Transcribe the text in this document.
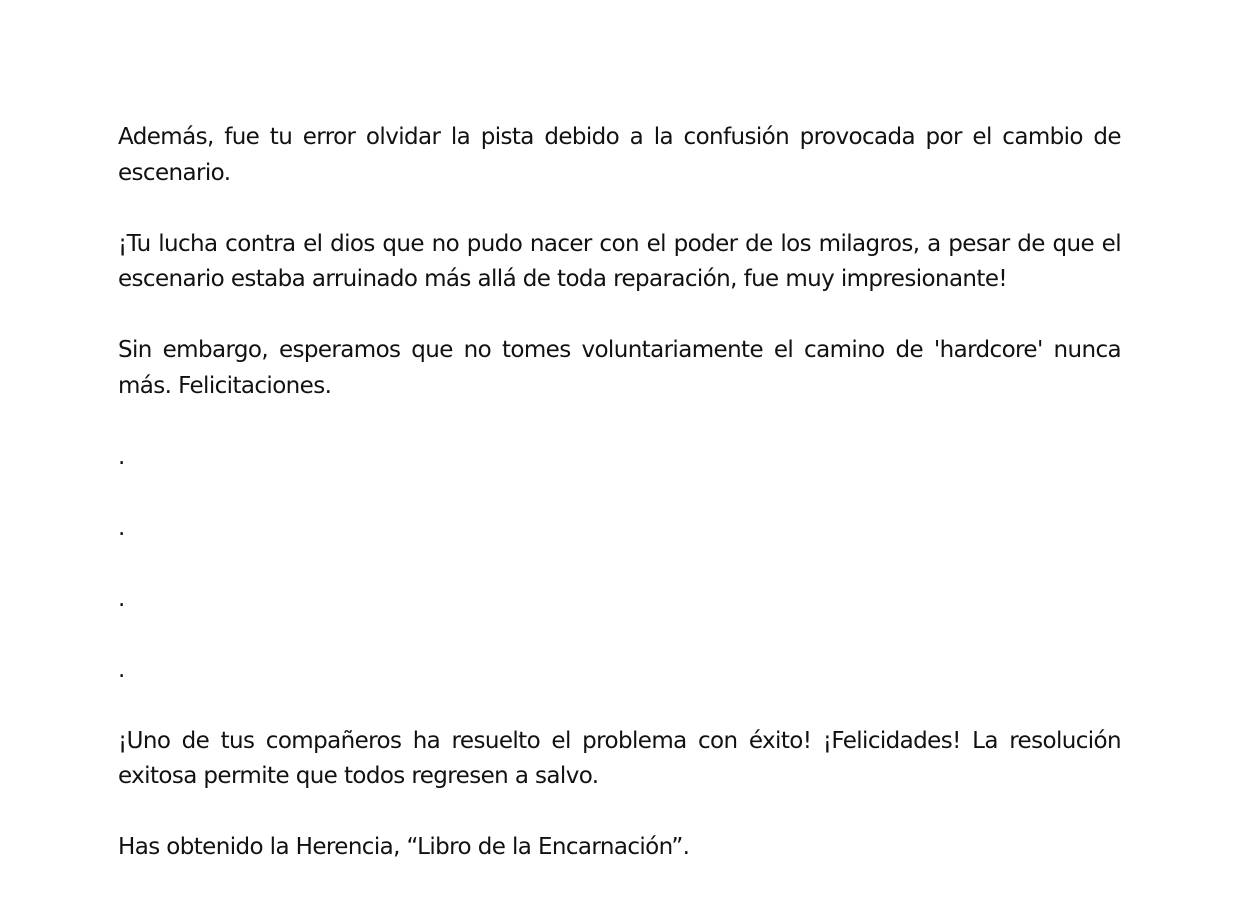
Además, fue tu error olvidar la pista debido a la confusión provocada por el cambio de escenario.

¡Tu lucha contra el dios que no pudo nacer con el poder de los milagros, a pesar de que el escenario estaba arruinado más allá de toda reparación, fue muy impresionante!

Sin embargo, esperamos que no tomes voluntariamente el camino de 'hardcore' nunca más. Felicitaciones.

.

.

.

.

¡Uno de tus compañeros ha resuelto el problema con éxito! ¡Felicidades! La resolución exitosa permite que todos regresen a salvo.

Has obtenido la Herencia, “Libro de la Encarnación”.
